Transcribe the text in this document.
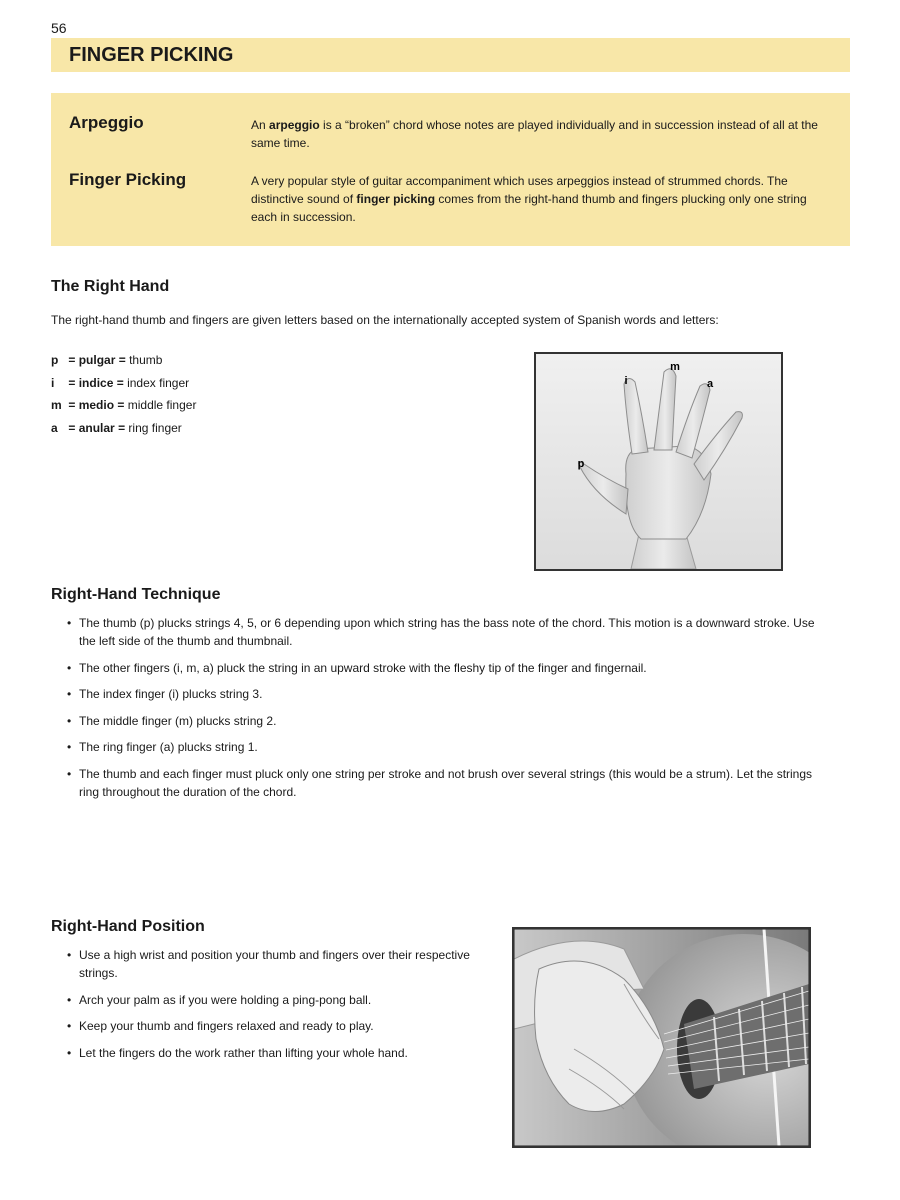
56
FINGER PICKING
Arpeggio	An arpeggio is a “broken” chord whose notes are played individually and in succession instead of all at the same time.
Finger Picking	A very popular style of guitar accompaniment which uses arpeggios instead of strummed chords. The distinctive sound of finger picking comes from the right-hand thumb and fingers plucking only one string each in succession.
The Right Hand
The right-hand thumb and fingers are given letters based on the internationally accepted system of Spanish words and letters:
p = pulgar = thumb
i = indice = index finger
m = medio = middle finger
a = anular = ring finger
m
i	a
p
Right-Hand Technique
• The thumb (p) plucks strings 4, 5, or 6 depending upon which string has the bass note of the chord. This motion is a downward stroke. Use the left side of the thumb and thumbnail.
• The other fingers (i, m, a) pluck the string in an upward stroke with the fleshy tip of the finger and fingernail.
• The index finger (i) plucks string 3.
• The middle finger (m) plucks string 2.
• The ring finger (a) plucks string 1.
• The thumb and each finger must pluck only one string per stroke and not brush over several strings (this would be a strum). Let the strings ring throughout the duration of the chord.
Right-Hand Position
• Use a high wrist and position your thumb and fingers over their respective strings.
• Arch your palm as if you were holding a ping-pong ball.
• Keep your thumb and fingers relaxed and ready to play.
• Let the fingers do the work rather than lifting your whole hand.
